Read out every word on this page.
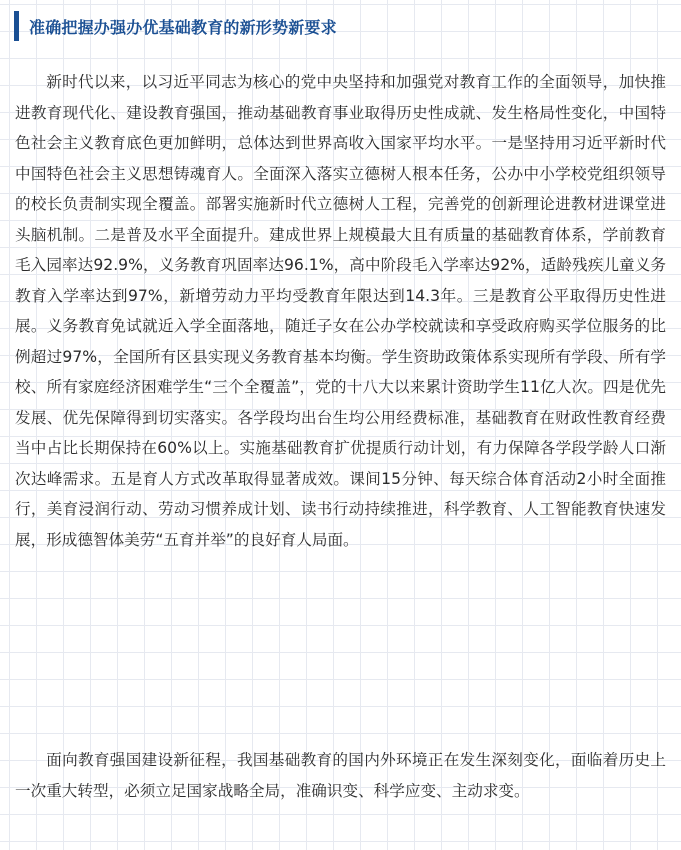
准确把握办强办优基础教育的新形势新要求

新时代以来，以习近平同志为核心的党中央坚持和加强党对教育工作的全面领导，加快推进教育现代化、建设教育强国，推动基础教育事业取得历史性成就、发生格局性变化，中国特色社会主义教育底色更加鲜明，总体达到世界高收入国家平均水平。一是坚持用习近平新时代中国特色社会主义思想铸魂育人。全面深入落实立德树人根本任务，公办中小学校党组织领导的校长负责制实现全覆盖。部署实施新时代立德树人工程，完善党的创新理论进教材进课堂进头脑机制。二是普及水平全面提升。建成世界上规模最大且有质量的基础教育体系，学前教育毛入园率达92.9%，义务教育巩固率达96.1%，高中阶段毛入学率达92%，适龄残疾儿童义务教育入学率达到97%，新增劳动力平均受教育年限达到14.3年。三是教育公平取得历史性进展。义务教育免试就近入学全面落地，随迁子女在公办学校就读和享受政府购买学位服务的比例超过97%，全国所有区县实现义务教育基本均衡。学生资助政策体系实现所有学段、所有学校、所有家庭经济困难学生“三个全覆盖”，党的十八大以来累计资助学生11亿人次。四是优先发展、优先保障得到切实落实。各学段均出台生均公用经费标准，基础教育在财政性教育经费当中占比长期保持在60%以上。实施基础教育扩优提质行动计划，有力保障各学段学龄人口渐次达峰需求。五是育人方式改革取得显著成效。课间15分钟、每天综合体育活动2小时全面推行，美育浸润行动、劳动习惯养成计划、读书行动持续推进，科学教育、人工智能教育快速发展，形成德智体美劳“五育并举”的良好育人局面。

面向教育强国建设新征程，我国基础教育的国内外环境正在发生深刻变化，面临着历史上一次重大转型，必须立足国家战略全局，准确识变、科学应变、主动求变。
